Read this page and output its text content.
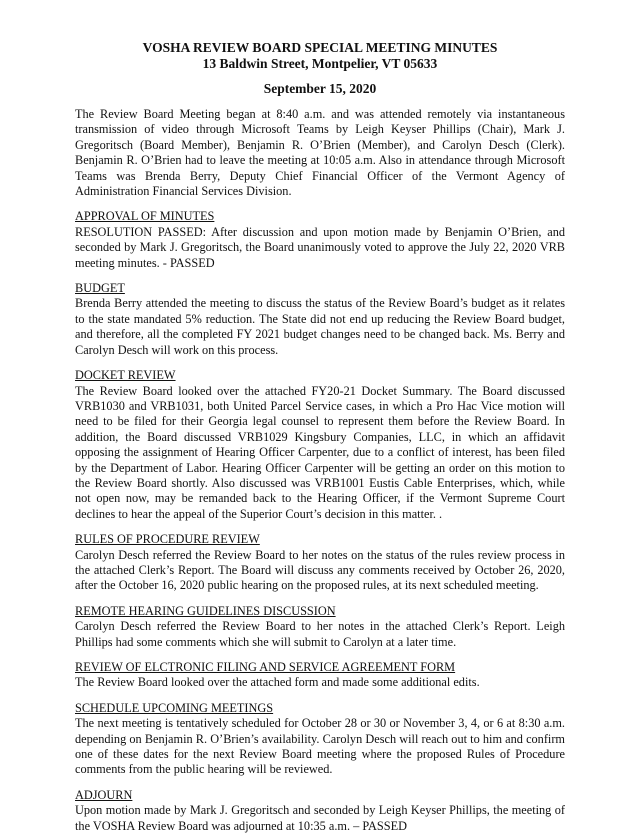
VOSHA REVIEW BOARD SPECIAL MEETING MINUTES
13 Baldwin Street, Montpelier, VT 05633
September 15, 2020

The Review Board Meeting began at 8:40 a.m. and was attended remotely via instantaneous transmission of video through Microsoft Teams by Leigh Keyser Phillips (Chair), Mark J. Gregoritsch (Board Member), Benjamin R. O’Brien (Member), and Carolyn Desch (Clerk). Benjamin R. O’Brien had to leave the meeting at 10:05 a.m. Also in attendance through Microsoft Teams was Brenda Berry, Deputy Chief Financial Officer of the Vermont Agency of Administration Financial Services Division.

APPROVAL OF MINUTES

RESOLUTION PASSED: After discussion and upon motion made by Benjamin O’Brien, and seconded by Mark J. Gregoritsch, the Board unanimously voted to approve the July 22, 2020 VRB meeting minutes. - PASSED

BUDGET

Brenda Berry attended the meeting to discuss the status of the Review Board’s budget as it relates to the state mandated 5% reduction. The State did not end up reducing the Review Board budget, and therefore, all the completed FY 2021 budget changes need to be changed back. Ms. Berry and Carolyn Desch will work on this process.

DOCKET REVIEW

The Review Board looked over the attached FY20-21 Docket Summary. The Board discussed VRB1030 and VRB1031, both United Parcel Service cases, in which a Pro Hac Vice motion will need to be filed for their Georgia legal counsel to represent them before the Review Board. In addition, the Board discussed VRB1029 Kingsbury Companies, LLC, in which an affidavit opposing the assignment of Hearing Officer Carpenter, due to a conflict of interest, has been filed by the Department of Labor. Hearing Officer Carpenter will be getting an order on this motion to the Review Board shortly. Also discussed was VRB1001 Eustis Cable Enterprises, which, while not open now, may be remanded back to the Hearing Officer, if the Vermont Supreme Court declines to hear the appeal of the Superior Court’s decision in this matter. .

RULES OF PROCEDURE REVIEW

Carolyn Desch referred the Review Board to her notes on the status of the rules review process in the attached Clerk’s Report. The Board will discuss any comments received by October 26, 2020, after the October 16, 2020 public hearing on the proposed rules, at its next scheduled meeting.

REMOTE HEARING GUIDELINES DISCUSSION

Carolyn Desch referred the Review Board to her notes in the attached Clerk’s Report. Leigh Phillips had some comments which she will submit to Carolyn at a later time.

REVIEW OF ELCTRONIC FILING AND SERVICE AGREEMENT FORM

The Review Board looked over the attached form and made some additional edits.

SCHEDULE UPCOMING MEETINGS

The next meeting is tentatively scheduled for October 28 or 30 or November 3, 4, or 6 at 8:30 a.m. depending on Benjamin R. O’Brien’s availability. Carolyn Desch will reach out to him and confirm one of these dates for the next Review Board meeting where the proposed Rules of Procedure comments from the public hearing will be reviewed.

ADJOURN

Upon motion made by Mark J. Gregoritsch and seconded by Leigh Keyser Phillips, the meeting of the VOSHA Review Board was adjourned at 10:35 a.m. – PASSED
